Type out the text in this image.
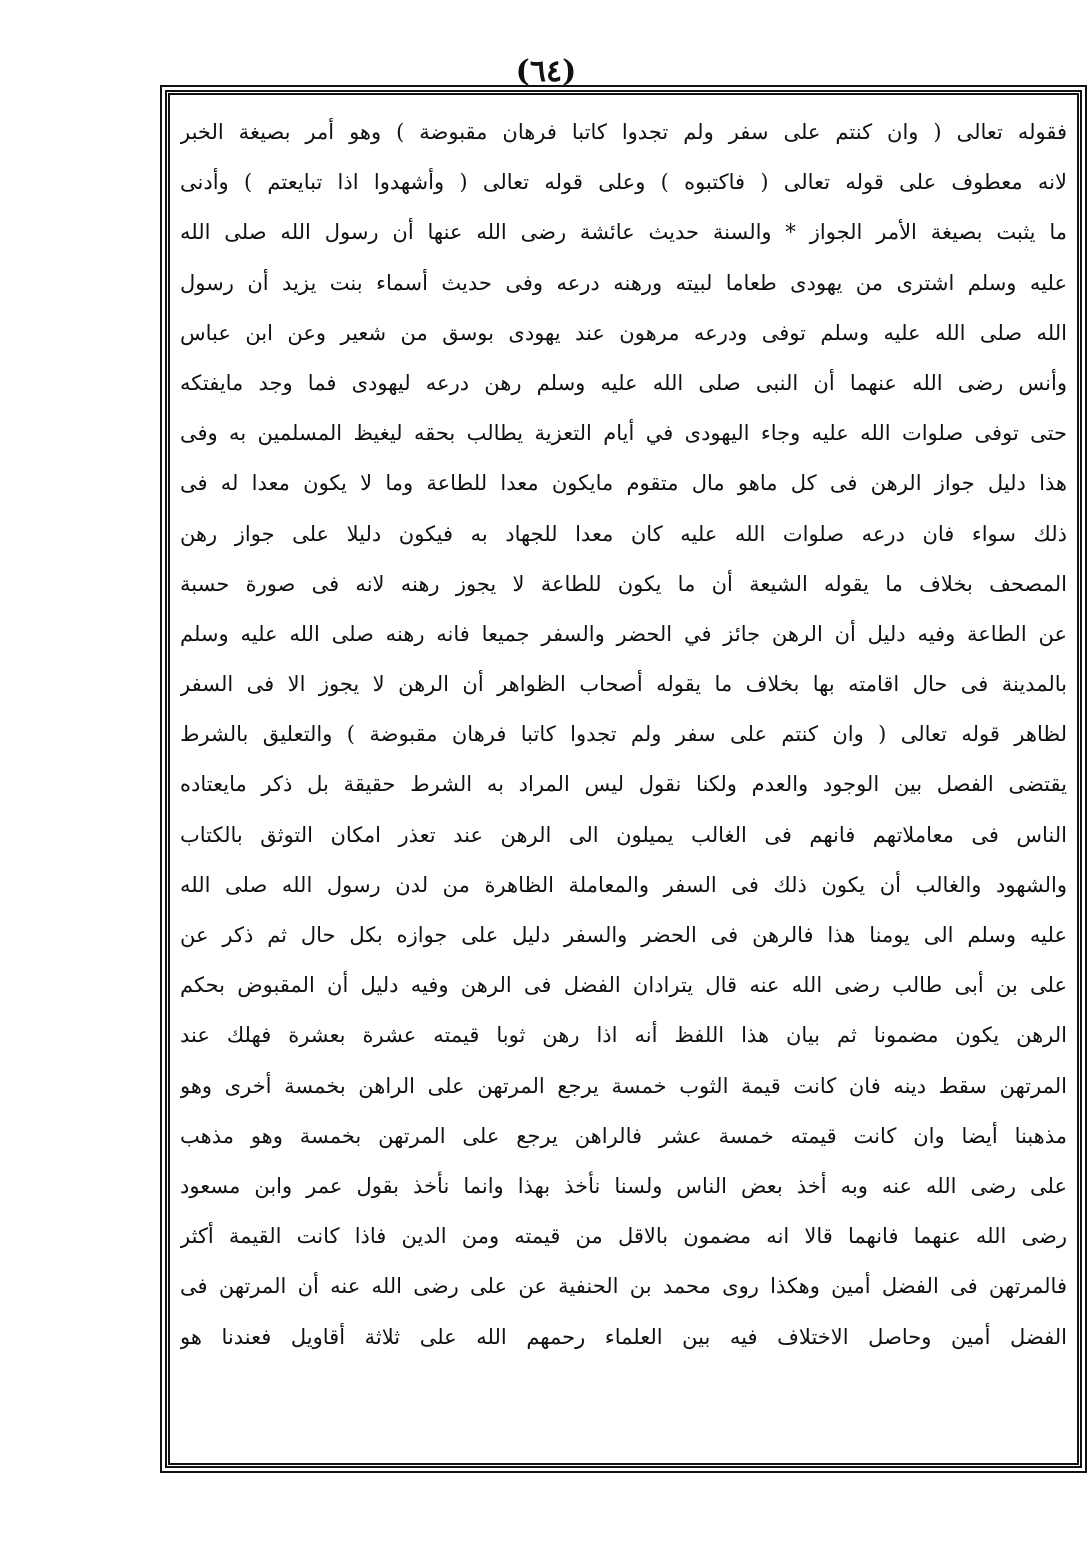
(٦٤)
فقوله تعالى ( وان كنتم على سفر ولم تجدوا كاتبا فرهان مقبوضة ) وهو أمر بصيغة الخبر
لانه معطوف على قوله تعالى ( فاكتبوه ) وعلى قوله تعالى ( وأشهدوا اذا تبايعتم ) وأدنى
ما يثبت بصيغة الأمر الجواز * والسنة حديث عائشة رضى الله عنها أن رسول الله صلى الله
عليه وسلم اشترى من يهودى طعاما لبيته ورهنه درعه وفى حديث أسماء بنت يزيد أن رسول
الله صلى الله عليه وسلم توفى ودرعه مرهون عند يهودى بوسق من شعير وعن ابن عباس
وأنس رضى الله عنهما أن النبى صلى الله عليه وسلم رهن درعه ليهودى فما وجد مايفتكه
حتى توفى صلوات الله عليه وجاء اليهودى في أيام التعزية يطالب بحقه ليغيظ المسلمين به وفى
هذا دليل جواز الرهن فى كل ماهو مال متقوم مايكون معدا للطاعة وما لا يكون معدا له فى
ذلك سواء فان درعه صلوات الله عليه كان معدا للجهاد به فيكون دليلا على جواز رهن
المصحف بخلاف ما يقوله الشيعة أن ما يكون للطاعة لا يجوز رهنه لانه فى صورة حسبة
عن الطاعة وفيه دليل أن الرهن جائز في الحضر والسفر جميعا فانه رهنه صلى الله عليه وسلم
بالمدينة فى حال اقامته بها بخلاف ما يقوله أصحاب الظواهر أن الرهن لا يجوز الا فى السفر
لظاهر قوله تعالى ( وان كنتم على سفر ولم تجدوا كاتبا فرهان مقبوضة ) والتعليق بالشرط
يقتضى الفصل بين الوجود والعدم ولكنا نقول ليس المراد به الشرط حقيقة بل ذكر مايعتاده
الناس فى معاملاتهم فانهم فى الغالب يميلون الى الرهن عند تعذر امكان التوثق بالكتاب
والشهود والغالب أن يكون ذلك فى السفر والمعاملة الظاهرة من لدن رسول الله صلى الله
عليه وسلم الى يومنا هذا فالرهن فى الحضر والسفر دليل على جوازه بكل حال ثم ذكر عن
على بن أبى طالب رضى الله عنه قال يترادان الفضل فى الرهن وفيه دليل أن المقبوض بحكم
الرهن يكون مضمونا ثم بيان هذا اللفظ أنه اذا رهن ثوبا قيمته عشرة بعشرة فهلك عند
المرتهن سقط دينه فان كانت قيمة الثوب خمسة يرجع المرتهن على الراهن بخمسة أخرى وهو
مذهبنا أيضا وان كانت قيمته خمسة عشر فالراهن يرجع على المرتهن بخمسة وهو مذهب
على رضى الله عنه وبه أخذ بعض الناس ولسنا نأخذ بهذا وانما نأخذ بقول عمر وابن مسعود
رضى الله عنهما فانهما قالا انه مضمون بالاقل من قيمته ومن الدين فاذا كانت القيمة أكثر
فالمرتهن فى الفضل أمين وهكذا روى محمد بن الحنفية عن على رضى الله عنه أن المرتهن فى
الفضل أمين وحاصل الاختلاف فيه بين العلماء رحمهم الله على ثلاثة أقاويل فعندنا هو
